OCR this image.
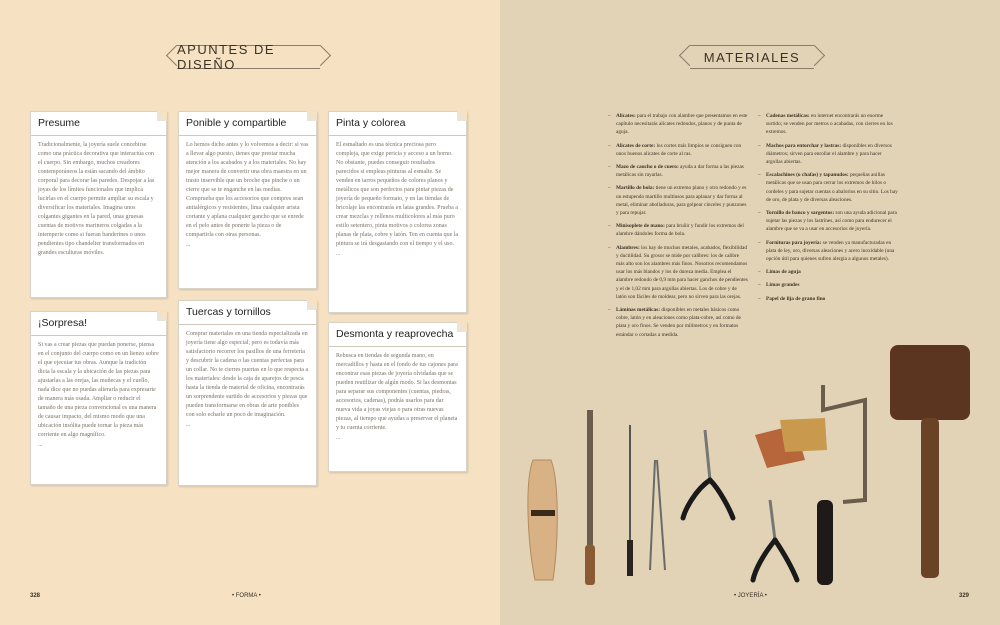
APUNTES DE DISEÑO
Presume

Tradicionalmente, la joyería suele concebirse como una práctica decorativa que interactúa con el cuerpo. Sin embargo, muchos creadores contemporáneos la están sacando del ámbito corporal para decorar las paredes. Despojar a las joyas de los límites funcionales que implica lucirlas en el cuerpo permite ampliar su escala y diversificar los materiales. Imagina unos colgantes gigantes en la pared, unas gruesas cuentas de motivos marineros colgadas a la intemperie como si fueran banderines o unos pendientes tipo chandelier transformados en grandes esculturas móviles.

Ponible y compartible

Lo hemos dicho antes y lo volvemos a decir: si vas a llevar algo puesto, tienes que prestar mucha atención a los acabados y a los materiales. No hay mejor manera de convertir una obra maestra en un trasto inservible que un broche que pinche o un cierre que se te enganche en las medias. Comprueba que los accesorios que compres sean antialérgicos y resistentes, lima cualquier arista cortante y aplana cualquier gancho que se enrede en el pelo antes de ponerte la pieza o de compartirla con otras personas.

...
Pinta y colorea

El esmaltado es una técnica preciosa pero compleja, que exige pericia y acceso a un horno. No obstante, puedes conseguir resultados parecidos si empleas pinturas al esmalte. Se venden en tarros pequeños de colores planos y metálicos que son perfectos para pintar piezas de joyería de pequeño formato, y en las tiendas de bricolaje las encontrarás en latas grandes. Prueba a crear mezclas y rellenos multicolores al más puro estilo setentero, pinta motivos o colorea zonas planas de plata, cobre y latón. Ten en cuenta que la pintura se irá desgastando con el tiempo y el uso.

...
¡Sorpresa!

Si vas a crear piezas que puedan ponerse, piensa en el conjunto del cuerpo como en un lienzo sobre el que ejecutar tus obras. Aunque la tradición dicta la escala y la ubicación de las piezas para ajustarlas a las orejas, las muñecas y el cuello, nada dice que no puedas alterarla para expresarte de manera más osada. Ampliar o reducir el tamaño de una pieza convencional es una manera de causar impacto, del mismo modo que una ubicación insólita puede tornar la pieza más corriente en algo magnífico.

...
Tuercas y tornillos

Comprar materiales en una tienda especializada en joyería tiene algo especial, pero es todavía más satisfactorio recorrer los pasillos de una ferretería y descubrir la cadena o las cuentas perfectas para un collar. No te cierres puertas en lo que respecta a los materiales: desde la caja de aparejos de pesca hasta la tienda de material de oficina, encontrarás un sorprendente surtido de accesorios y piezas que pueden transformarse en obras de arte ponibles con solo echarle un poco de imaginación.

...
Desmonta y reaprovecha

Rebusca en tiendas de segunda mano, en mercadillos y hasta en el fondo de tus cajones para encontrar esas piezas de joyería olvidadas que se pueden reutilizar de algún modo. Si las desmontas para separar sus componentes (cuentas, piedras, accesorios, cadenas), podrás usarlos para dar nueva vida a joyas viejas o para otras nuevas piezas, al tiempo que ayudas a preservar el planeta y tu cuenta corriente.

...
328	• FORMA •
MATERIALES
– Alicates: para el trabajo con alambre que presentamos en este capítulo necesitarás alicates redondos, planos y de punta de aguja.
– Alicates de corte: los cortes más limpios se consiguen con unos buenos alicates de corte al ras.
– Mazo de caucho o de cuero: ayuda a dar forma a las piezas metálicas sin rayarlas.
– Martillo de bola: tiene un extremo plano y otro redondo y es un estupendo martillo multiusos para aplanar y dar forma al metal, eliminar abolladuras, para golpear cinceles y punzones y para repujar.
– Minisoplete de mano: para bruñir y fundir los extremos del alambre dándoles forma de bola.
– Alambres: los hay de muchos metales, acabados, flexibilidad y ductilidad. Su grosor se mide por calibres: los de calibre más alto son los alambres más finos. Nosotros recomendamos usar los más blandos y los de dureza media. Emplea el alambre redondo de 0,9 mm para hacer ganchos de pendientes y el de 1,02 mm para argollas abiertas. Los de cobre y de latón son fáciles de moldear, pero no sirven para las orejas.
– Láminas metálicas: disponibles en metales básicos como cobre, latón y en aleaciones como plata-cobre, así como de plata y oro finos. Se venden por milímetros y en formatos estándar o cortadas a medida.
– Cadenas metálicas: en internet encontrarás un enorme surtido; se venden por metros o acabadas, con cierres en los extremos.
– Machos para entorchar y lastras: disponibles en diversos diámetros; sirven para enrollar el alambre y para hacer argollas abiertas.
– Escalachines (o chafas) y tapanudos: pequeñas anillas metálicas que se usan para cerrar los extremos de hilos o cordeles y para sujetar cuentas o abalorios en su sitio. Los hay de oro, de plata y de diversas aleaciones.
– Tornillo de banco y sargentos: son una ayuda adicional para sujetar las piezas y los lastrines, así como para endurecer el alambre que se va a usar en accesorios de joyería.
– Fornituras para joyería: se venden ya manufacturadas en plata de ley, oro, diversas aleaciones y acero inoxidable (una opción útil para quienes sufren alergia a algunos metales).
– Limas de aguja
– Limas grandes
– Papel de lija de grano fino
• JOYERÍA •	329
